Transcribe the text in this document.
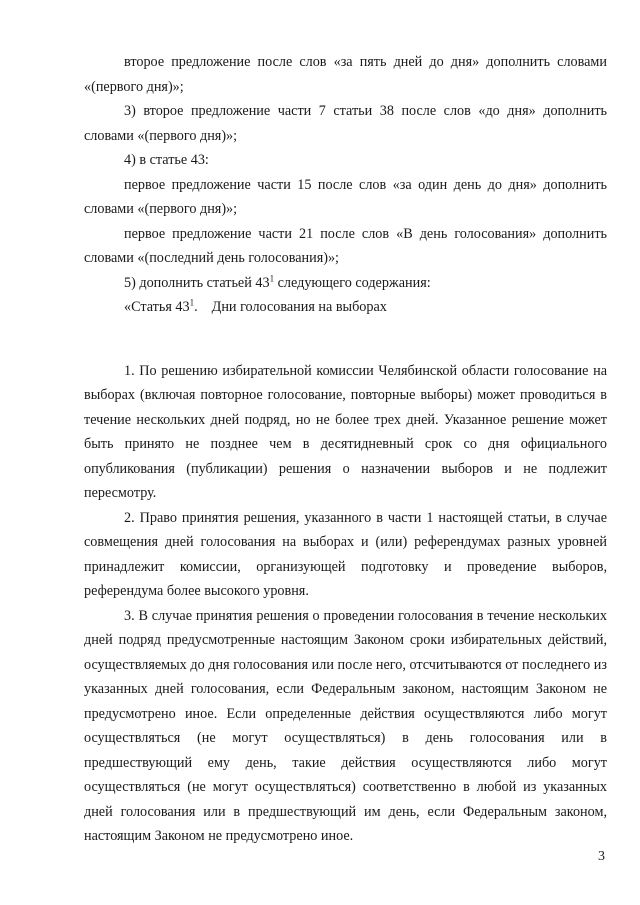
второе предложение после слов «за пять дней до дня» дополнить словами «(первого дня)»;

3) второе предложение части 7 статьи 38 после слов «до дня» дополнить словами «(первого дня)»;

4) в статье 43:

первое предложение части 15 после слов «за один день до дня» дополнить словами «(первого дня)»;

первое предложение части 21 после слов «В день голосования» дополнить словами «(последний день голосования)»;

5) дополнить статьей $43^1$ следующего содержания:

«Статья $43^1$. Дни голосования на выборах

1. По решению избирательной комиссии Челябинской области голосование на выборах (включая повторное голосование, повторные выборы) может проводиться в течение нескольких дней подряд, но не более трех дней. Указанное решение может быть принято не позднее чем в десятидневный срок со дня официального опубликования (публикации) решения о назначении выборов и не подлежит пересмотру.

2. Право принятия решения, указанного в части 1 настоящей статьи, в случае совмещения дней голосования на выборах и (или) референдумах разных уровней принадлежит комиссии, организующей подготовку и проведение выборов, референдума более высокого уровня.

3. В случае принятия решения о проведении голосования в течение нескольких дней подряд предусмотренные настоящим Законом сроки избирательных действий, осуществляемых до дня голосования или после него, отсчитываются от последнего из указанных дней голосования, если Федеральным законом, настоящим Законом не предусмотрено иное. Если определенные действия осуществляются либо могут осуществляться (не могут осуществляться) в день голосования или в предшествующий ему день, такие действия осуществляются либо могут осуществляться (не могут осуществляться) соответственно в любой из указанных дней голосования или в предшествующий им день, если Федеральным законом, настоящим Законом не предусмотрено иное.

3
